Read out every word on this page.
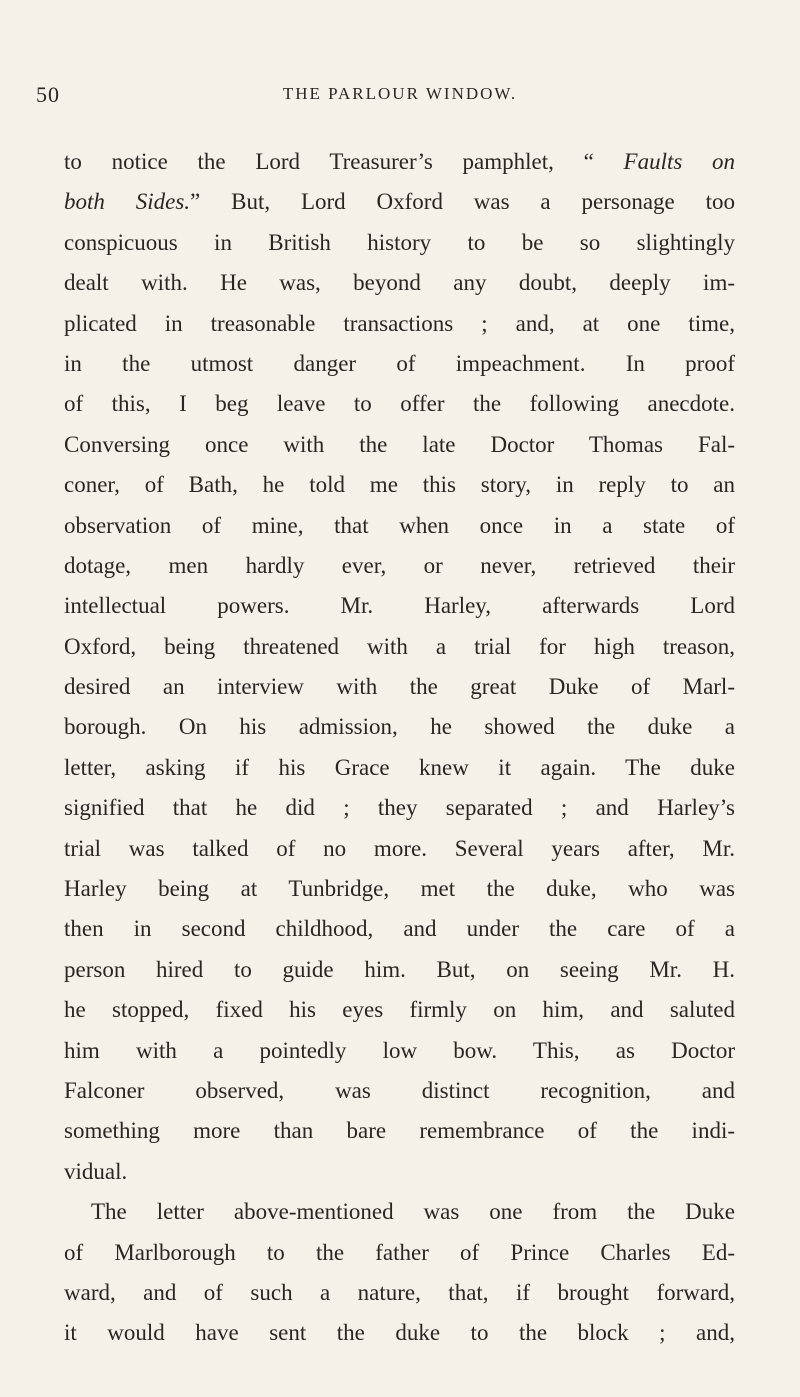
50	THE PARLOUR WINDOW.
to notice the Lord Treasurer’s pamphlet, “ Faults on
both Sides.” But, Lord Oxford was a personage too
conspicuous in British history to be so slightingly
dealt with. He was, beyond any doubt, deeply im-
plicated in treasonable transactions ; and, at one time,
in the utmost danger of impeachment. In proof
of this, I beg leave to offer the following anecdote.
Conversing once with the late Doctor Thomas Fal-
coner, of Bath, he told me this story, in reply to an
observation of mine, that when once in a state of
dotage, men hardly ever, or never, retrieved their
intellectual powers. Mr. Harley, afterwards Lord
Oxford, being threatened with a trial for high treason,
desired an interview with the great Duke of Marl-
borough. On his admission, he showed the duke a
letter, asking if his Grace knew it again. The duke
signified that he did ; they separated ; and Harley’s
trial was talked of no more. Several years after, Mr.
Harley being at Tunbridge, met the duke, who was
then in second childhood, and under the care of a
person hired to guide him. But, on seeing Mr. H.
he stopped, fixed his eyes firmly on him, and saluted
him with a pointedly low bow. This, as Doctor
Falconer observed, was distinct recognition, and
something more than bare remembrance of the indi-
vidual.
The letter above-mentioned was one from the Duke
of Marlborough to the father of Prince Charles Ed-
ward, and of such a nature, that, if brought forward,
it would have sent the duke to the block ; and,
